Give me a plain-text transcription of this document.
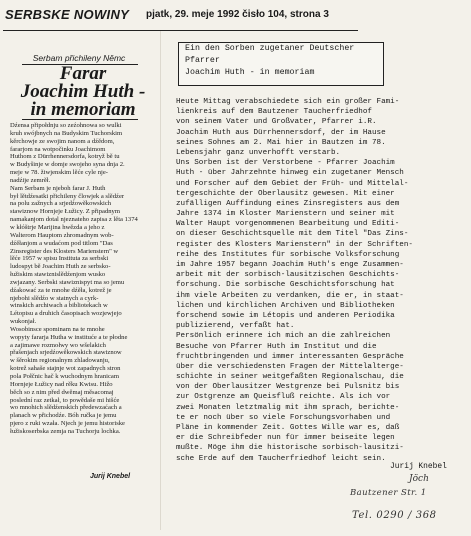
SERBSKE NOWINY pjatk, 29. meje 1992 čisło 104, strona 3
Serbam přichileny Němc
Farar
Joachim Huth -
in memoriam
Dźensa připołdnju so zeźohnowa so wulki
kruh swójbnych na Budyskim Tuchorskim
kěrchowje ze swojim nanom a dźědom,
fararjom na wotpočinku Joachimom
Huthom z Dürrhennersdorfa, kotryž bě tu
w Budyšinje w domje swojeho syna dnja 2.
meje w 78. žiwjenskim lěće cyle nje-
nadźije zemrěł.
Nam Serbam je njeboh farar J. Huth
był lětdźesatki přichileny člowjek a slědźer
na polu zažnych a srjedźowěkowskich
stawiznow Hornjeje Łužicy. Z připadnym
namakanjom dotal njeznateho zapisa z lěta 1374
w kłóštrje Marijina hwězda a jeho z
Walterom Hauptom zhromadnym wob-
dźěłanjom a wudaćom pod titlom "Das
Zinsregister des Klosters Marienstern" w
lěće 1957 w spisu Instituta za serbski
ludospyt bě Joachim Huth ze serbsko-
łužiskim stawiznislědźenjom wusko
zwjazany. Serbski stawiznispyt ma so jemu
dźakować za te mnohe dźěła, kotrež je
njebohi slědźo w statnych a cyrk-
winskich archiwach a bibliotekach w
Létopisu a druhich časopisach wozjewjejo
wukonjał.
Wosobinsce spominam na te mnohe
wopyty fararja Hutha w instituće a te płodne
a zajimawe rozmołwy wo wšelakich
přašenjach srjedźowěkowskich stawiznow
w šěrokim regionalnym zhladowanju,
kotrež sahaše stajnje wot zapadnych stron
pola Połčnic hač k wuchodnym hranicam
Hornjeje Łužicy nad rěku Kwisu. Hižo
běch so z nim před dwěmaj měsacomaj
poslední raz zetkał, to powědaše mi hišće
wo mnohich slědźenskich předewzaćach a
planach w přichodźe. Bóh ručka je jemu
pjero z ruki wzała. Njech je jemu historiske
łužiskoserbska zemja na Tuchorju lochka.
Jurij Knebel
Ein den Sorben zugetaner Deutscher
Pfarrer
Joachim Huth - in memoriam
Heute Mittag verabschiedete sich ein großer Fami-
lienkreis auf dem Bautzener Taucherfriedhof
von seinem Vater und Großvater, Pfarrer i.R.
Joachim Huth aus Dürrhennersdorf, der im Hause
seines Sohnes am 2. Mai hier in Bautzen im 78.
Lebensjahr ganz unverhofft verstarb.
Uns Sorben ist der Verstorbene - Pfarrer Joachim
Huth - über Jahrzehnte hinweg ein zugetaner Mensch
und Forscher auf dem Gebiet der Früh- und Mittelal-
tergeschichte der Oberlausitz gewesen. Mit einer
zufälligen Auffindung eines Zinsregisters aus dem
Jahre 1374 im Kloster Marienstern und seiner mit
Walter Haupt vorgenommenen Bearbeitung und Editi-
on dieser Geschichtsquelle mit dem Titel "Das Zins-
register des Klosters Marienstern" in der Schriften-
reihe des Institutes für sorbische Volksforschung
im Jahre 1957 begann Joachim Huth's enge Zusammen-
arbeit mit der sorbisch-lausitzischen Geschichts-
forschung. Die sorbische Geschichtsforschung hat
ihm viele Arbeiten zu verdanken, die er, in staat-
lichen und kirchlichen Archiven und Bibliotheken
forschend sowie im Létopis und anderen Periodika
publizierend, verfaßt hat.
Persönlich erinnere ich mich an die zahlreichen
Besuche von Pfarrer Huth im Institut und die
fruchtbringenden und immer interessanten Gespräche
über die verschiedensten Fragen der Mittelalterge-
schichte in seiner weitgefaßten Regionalschau, die
von der Oberlausitzer Westgrenze bei Pulsnitz bis
zur Ostgrenze am Queisfluß reichte. Als ich vor
zwei Monaten letztmalig mit ihm sprach, berichte-
te er noch über so viele Forschungsvorhaben und
Pläne in kommender Zeit. Gottes Wille war es, daß
er die Schreibfeder nun für immer beiseite legen
mußte. Möge ihm die historische sorbisch-lausitzi-
sche Erde auf dem Taucherfriedhof leicht sein.
Jurij Knebel
Jöch
Bautzener Str. 1
Tel. 0290 / 368
